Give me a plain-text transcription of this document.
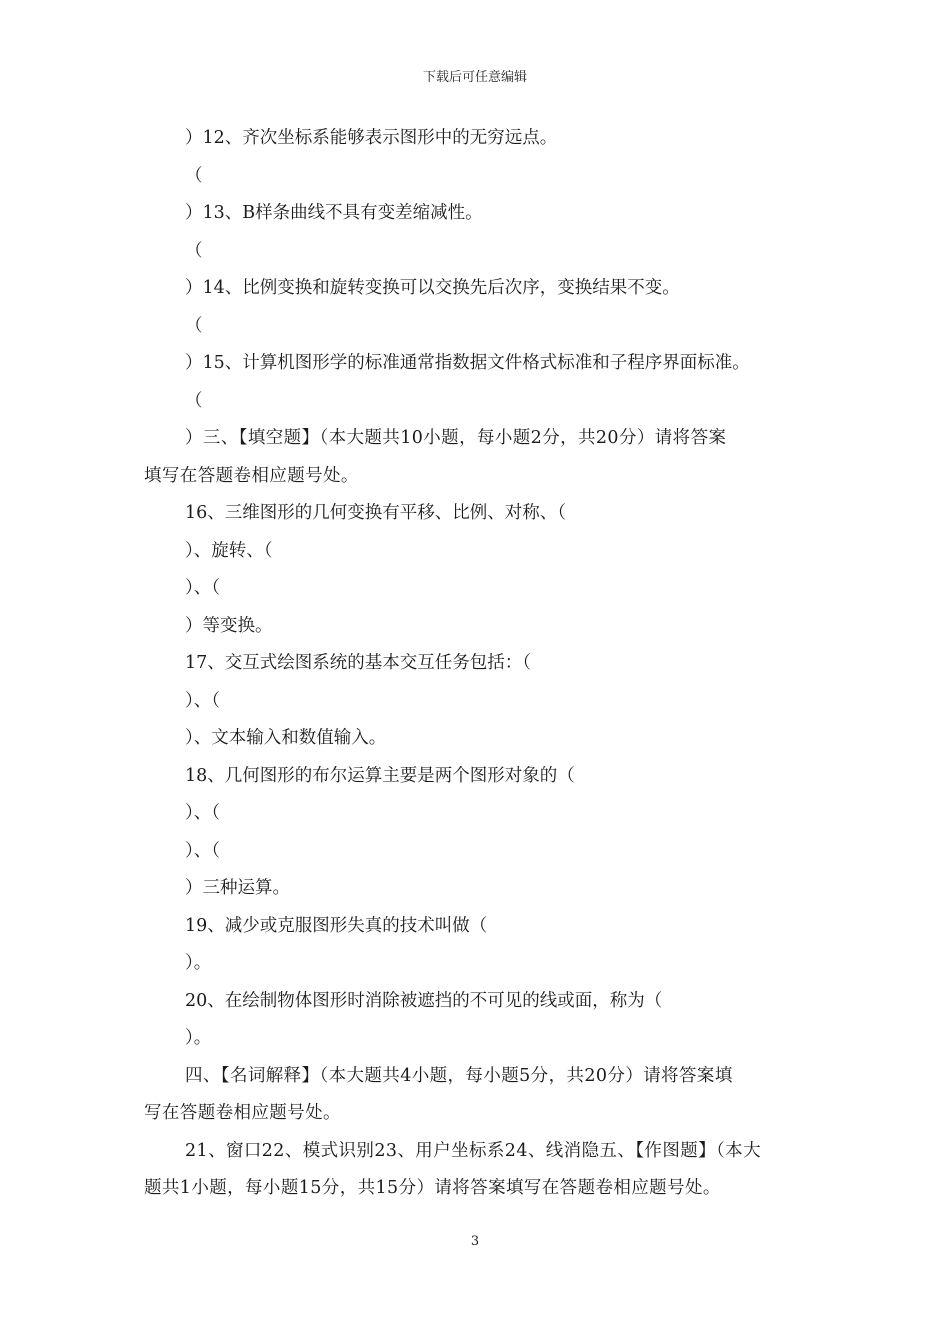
下载后可任意编辑
）12、齐次坐标系能够表示图形中的无穷远点。
（
）13、B样条曲线不具有变差缩减性。
（
）14、比例变换和旋转变换可以交换先后次序，变换结果不变。
（
）15、计算机图形学的标准通常指数据文件格式标准和子程序界面标准。
（
）三、【填空题】（本大题共10小题，每小题2分，共20分）请将答案
填写在答题卷相应题号处。
16、三维图形的几何变换有平移、比例、对称、（
）、旋转、（
）、（
）等变换。
17、交互式绘图系统的基本交互任务包括：（
）、（
）、文本输入和数值输入。
18、几何图形的布尔运算主要是两个图形对象的（
）、（
）、（
）三种运算。
19、减少或克服图形失真的技术叫做（
）。
20、在绘制物体图形时消除被遮挡的不可见的线或面，称为（
）。
四、【名词解释】（本大题共4小题，每小题5分，共20分）请将答案填
写在答题卷相应题号处。
21、窗口22、模式识别23、用户坐标系24、线消隐五、【作图题】（本大
题共1小题，每小题15分，共15分）请将答案填写在答题卷相应题号处。
3
